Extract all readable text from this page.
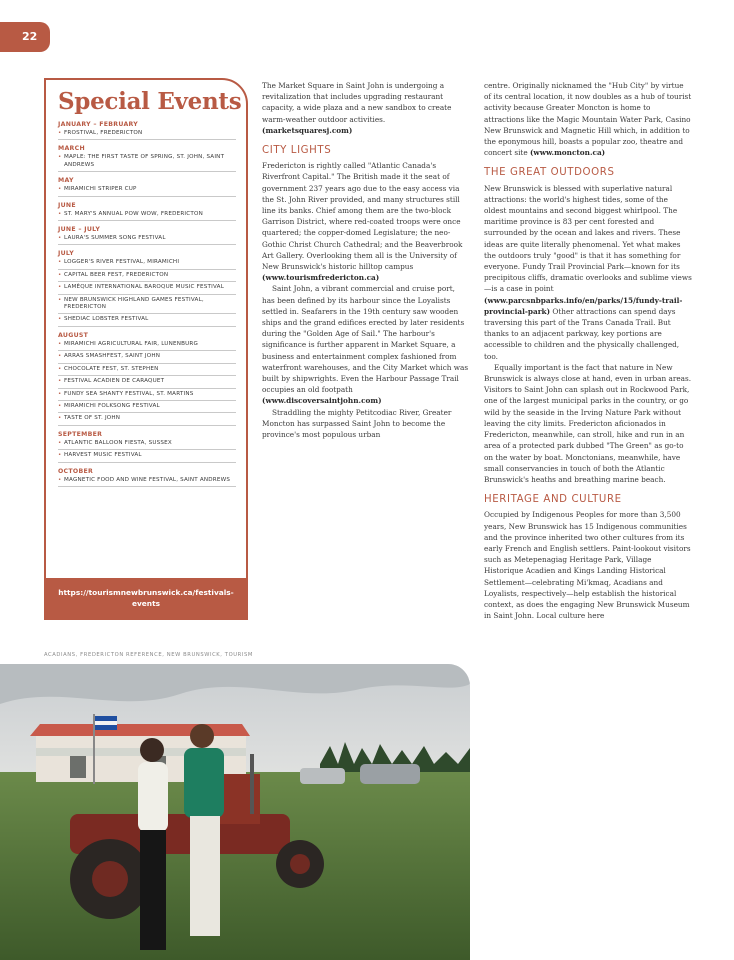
22
Special Events
JANUARY – FEBRUARY
• FROSTIVAL, FREDERICTON
MARCH
• MAPLE: THE FIRST TASTE OF SPRING, ST. JOHN, SAINT ANDREWS
MAY
• MIRAMICHI STRIPER CUP
JUNE
• ST. MARY'S ANNUAL POW WOW, FREDERICTON
JUNE – JULY
• LAURA'S SUMMER SONG FESTIVAL
JULY
• LOGGER'S RIVER FESTIVAL, MIRAMICHI
• CAPITAL BEER FEST, FREDERICTON
• LAMÈQUE INTERNATIONAL BAROQUE MUSIC FESTIVAL
• NEW BRUNSWICK HIGHLAND GAMES FESTIVAL, FREDERICTON
• SHEDIAC LOBSTER FESTIVAL
AUGUST
• MIRAMICHI AGRICULTURAL FAIR, LUNENBURG
• ARRAS SMASHFEST, SAINT JOHN
• CHOCOLATE FEST, ST. STEPHEN
• FESTIVAL ACADIEN DE CARAQUET
• FUNDY SEA SHANTY FESTIVAL, ST. MARTINS
• MIRAMICHI FOLKSONG FESTIVAL
• TASTE OF ST. JOHN
SEPTEMBER
• ATLANTIC BALLOON FIESTA, SUSSEX
• HARVEST MUSIC FESTIVAL
OCTOBER
• MAGNETIC FOOD AND WINE FESTIVAL, SAINT ANDREWS
https://tourismnewbrunswick.ca/festivals-events

The Market Square in Saint John is undergoing a revitalization that includes upgrading restaurant capacity, a wide plaza and a new sandbox to create warm-weather outdoor activities. (marketsquaresj.com)

CITY LIGHTS

Fredericton is rightly called "Atlantic Canada's Riverfront Capital." The British made it the seat of government 237 years ago due to the easy access via the St. John River provided, and many structures still line its banks. Chief among them are the two-block Garrison District, where red-coated troops were once quartered; the copper-domed Legislature; the neo-Gothic Christ Church Cathedral; and the Beaverbrook Art Gallery. Overlooking them all is the University of New Brunswick's historic hilltop campus (www.tourismfredericton.ca)

Saint John, a vibrant commercial and cruise port, has been defined by its harbour since the Loyalists settled in. Seafarers in the 19th century saw wooden ships and the grand edifices erected by later residents during the "Golden Age of Sail." The harbour's significance is further apparent in Market Square, a business and entertainment complex fashioned from waterfront warehouses, and the City Market which was built by shipwrights. Even the Harbour Passage Trail occupies an old footpath (www.discoversaintjohn.com)

Straddling the mighty Petitcodiac River, Greater Moncton has surpassed Saint John to become the province's most populous urban

centre. Originally nicknamed the "Hub City" by virtue of its central location, it now doubles as a hub of tourist activity because Greater Moncton is home to attractions like the Magic Mountain Water Park, Casino New Brunswick and Magnetic Hill which, in addition to the eponymous hill, boasts a popular zoo, theatre and concert site (www.moncton.ca)

THE GREAT OUTDOORS

New Brunswick is blessed with superlative natural attractions: the world's highest tides, some of the oldest mountains and second biggest whirlpool. The maritime province is 83 per cent forested and surrounded by the ocean and lakes and rivers. These ideas are quite literally phenomenal. Yet what makes the outdoors truly "good" is that it has something for everyone. Fundy Trail Provincial Park—known for its precipitous cliffs, dramatic overlooks and sublime views—is a case in point (www.parcsnbparks.info/en/parks/15/fundy-trail-provincial-park) Other attractions can spend days traversing this part of the Trans Canada Trail. But thanks to an adjacent parkway, key portions are accessible to children and the physically challenged, too.

Equally important is the fact that nature in New Brunswick is always close at hand, even in urban areas. Visitors to Saint John can splash out in Rockwood Park, one of the largest municipal parks in the country, or go wild by the seaside in the Irving Nature Park without leaving the city limits. Fredericton aficionados in Fredericton, meanwhile, can stroll, hike and run in an area of a protected park dubbed "The Green" as go-to on the water by boat. Monctonians, meanwhile, have small conservancies in touch of both the Atlantic Brunswick's heaths and breathing marine beach.

HERITAGE AND CULTURE

Occupied by Indigenous Peoples for more than 3,500 years, New Brunswick has 15 Indigenous communities and the province inherited two other cultures from its early French and English settlers. Paint-lookout visitors such as Metepenagiag Heritage Park, Village Historique Acadien and Kings Landing Historical Settlement—celebrating Mi'kmaq, Acadians and Loyalists, respectively—help establish the historical context, as does the engaging New Brunswick Museum in Saint John. Local culture here

ACADIANS, FREDERICTON REFERENCE, NEW BRUNSWICK, TOURISM
